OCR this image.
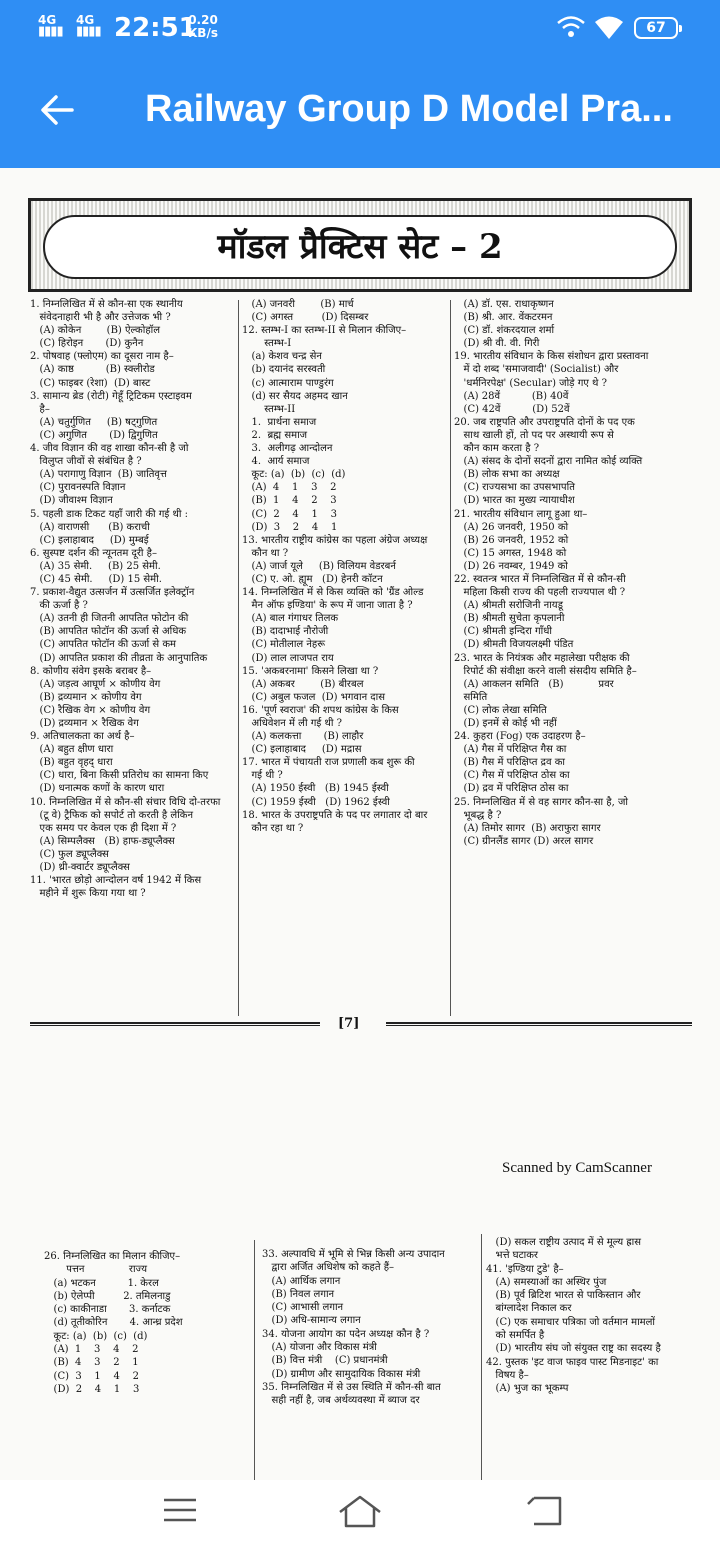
4G
▮▮▮▮
4G
▮▮▮▮ 22:51
0.20
KB/s	67
Railway Group D Model Pra...
मॉडल प्रैक्टिस सेट – 2
1. निम्नलिखित में से कौन-सा एक स्थानीय
संवेदनाहारी भी है और उत्तेजक भी ?
(A) कोकेन        (B) ऐल्कोहॉल
(C) हिरोइन       (D) कुनैन
2. पोषवाह (फ्लोएम) का दूसरा नाम है–
(A) काष्ठ          (B) स्क्लीरोड
(C) फाइबर (रेशा)  (D) बास्ट
3. सामान्य ब्रेड (रोटी) गेहूँ ट्रिटिकम एस्टाइवम
है–
(A) चतुर्गुणित     (B) षट्गुणित
(C) अगुणित       (D) द्विगुणित
4. जीव विज्ञान की वह शाखा कौन-सी है जो
विलुप्त जीवों से संबंधित है ?
(A) परागाणु विज्ञान  (B) जातिवृत्त
(C) पुरावनस्पति विज्ञान
(D) जीवाश्म विज्ञान
5. पहली डाक टिकट यहाँ जारी की गई थी :
(A) वाराणसी      (B) कराची
(C) इलाहाबाद     (D) मुम्बई
6. सुस्पष्ट दर्शन की न्यूनतम दूरी है–
(A) 35 सेमी.     (B) 25 सेमी.
(C) 45 सेमी.     (D) 15 सेमी.
7. प्रकाश-वैद्युत उत्सर्जन में उत्सर्जित इलेक्ट्रॉन
की ऊर्जा है ?
(A) उतनी ही जितनी आपतित फोटोन की
(B) आपतित फोटॉन की ऊर्जा से अधिक
(C) आपतित फोटॉन की ऊर्जा से कम
(D) आपतित प्रकाश की तीव्रता के आनुपातिक
8. कोणीय संवेग इसके बराबर है–
(A) जड़त्व आघूर्ण × कोणीय वेग
(B) द्रव्यमान × कोणीय वेग
(C) रैखिक वेग × कोणीय वेग
(D) द्रव्यमान × रैखिक वेग
9. अतिचालकता का अर्थ है–
(A) बहुत क्षीण धारा
(B) बहुत वृहद् धारा
(C) धारा, बिना किसी प्रतिरोध का सामना किए
(D) धनात्मक कणों के कारण धारा
10. निम्नलिखित में से कौन-सी संचार विधि दो-तरफा
(टू वे) ट्रैफिक को सपोर्ट तो करती है लेकिन
एक समय पर केवल एक ही दिशा में ?
(A) सिम्पलैक्स   (B) हाफ-ड्यूप्लैक्स
(C) फुल ड्यूप्लैक्स
(D) थ्री-क्वार्टर ड्यूप्लैक्स
11. 'भारत छोड़ो आन्दोलन वर्ष 1942 में किस
महीने में शुरू किया गया था ?
(A) जनवरी        (B) मार्च
(C) अगस्त         (D) दिसम्बर
12. स्तम्भ-I का स्तम्भ-II से मिलान कीजिए–
स्तम्भ-I
(a) केशव चन्द्र सेन
(b) दयानंद सरस्वती
(c) आत्माराम पाण्डुरंग
(d) सर सैयद अहमद खान
स्तम्भ-II
1.  प्रार्थना समाज
2.  ब्रह्म समाज
3.  अलीगढ़ आन्दोलन
4.  आर्य समाज
कूट: (a)  (b)  (c)  (d)
(A)  4    1    3    2
(B)  1    4    2    3
(C)  2    4    1    3
(D)  3    2    4    1
13. भारतीय राष्ट्रीय कांग्रेस का पहला अंग्रेज अध्यक्ष
कौन था ?
(A) जार्ज यूले     (B) विलियम वेडरबर्न
(C) ए. ओ. ह्यूम   (D) हेनरी कॉटन
14. निम्नलिखित में से किस व्यक्ति को 'ग्रैंड ओल्ड
मैन ऑफ इण्डिया' के रूप में जाना जाता है ?
(A) बाल गंगाधर तिलक
(B) दादाभाई नौरोजी
(C) मोतीलाल नेहरू
(D) लाल लाजपत राय
15. 'अकबरनामा' किसने लिखा था ?
(A) अकबर        (B) बीरबल
(C) अबुल फजल  (D) भगवान दास
16. 'पूर्ण स्वराज' की शपथ कांग्रेस के किस
अधिवेशन में ली गई थी ?
(A) कलकत्ता       (B) लाहौर
(C) इलाहाबाद     (D) मद्रास
17. भारत में पंचायती राज प्रणाली कब शुरू की
गई थी ?
(A) 1950 ईस्वी   (B) 1945 ईस्वी
(C) 1959 ईस्वी   (D) 1962 ईस्वी
18. भारत के उपराष्ट्रपति के पद पर लगातार दो बार
कौन रहा था ?
(A) डॉ. एस. राधाकृष्णन
(B) श्री. आर. वेंकटरमन
(C) डॉ. शंकरदयाल शर्मा
(D) श्री वी. वी. गिरी
19. भारतीय संविधान के किस संशोधन द्वारा प्रस्तावना
में दो शब्द 'समाजवादी' (Socialist) और
'धर्मनिरपेक्ष' (Secular) जोड़े गए थे ?
(A) 28वें          (B) 40वें
(C) 42वें          (D) 52वें
20. जब राष्ट्रपति और उपराष्ट्रपति दोनों के पद एक
साथ खाली हों, तो पद पर अस्थायी रूप से
कौन काम करता है ?
(A) संसद के दोनों सदनों द्वारा नामित कोई व्यक्ति
(B) लोक सभा का अध्यक्ष
(C) राज्यसभा का उपसभापति
(D) भारत का मुख्य न्यायाधीश
21. भारतीय संविधान लागू हुआ था–
(A) 26 जनवरी, 1950 को
(B) 26 जनवरी, 1952 को
(C) 15 अगस्त, 1948 को
(D) 26 नवम्बर, 1949 को
22. स्वतन्त्र भारत में निम्नलिखित में से कौन-सी
महिला किसी राज्य की पहली राज्यपाल थी ?
(A) श्रीमती सरोजिनी नायडू
(B) श्रीमती सुचेता कृपलानी
(C) श्रीमती इन्दिरा गाँधी
(D) श्रीमती विजयलक्ष्मी पंडित
23. भारत के नियंत्रक और महालेखा परीक्षक की
रिपोर्ट की संवीक्षा करने वाली संसदीय समिति है–
(A) आकलन समिति   (B)           प्रवर
समिति
(C) लोक लेखा समिति
(D) इनमें से कोई भी नहीं
24. कुहरा (Fog) एक उदाहरण है–
(A) गैस में परिक्षिप्त गैस का
(B) गैस में परिक्षिप्त द्रव का
(C) गैस में परिक्षिप्त ठोस का
(D) द्रव में परिक्षिप्त ठोस का
25. निम्नलिखित में से वह सागर कौन-सा है, जो
भूबद्ध है ?
(A) तिमोर सागर  (B) अराफुरा सागर
(C) ग्रीनलैंड सागर (D) अरल सागर
[7]
Scanned by CamScanner
26. निम्नलिखित का मिलान कीजिए–
पत्तन              राज्य
(a) भटकन          1. केरल
(b) ऐलेप्पी         2. तमिलनाडु
(c) काकीनाडा       3. कर्नाटक
(d) तूतीकोरिन       4. आन्ध्र प्रदेश
कूट: (a)  (b)  (c)  (d)
(A)  1    3    4    2
(B)  4    3    2    1
(C)  3    1    4    2
(D)  2    4    1    3
33. अल्पावधि में भूमि से भिन्न किसी अन्य उपादान
द्वारा अर्जित अधिशेष को कहते हैं–
(A) आर्थिक लगान
(B) निवल लगान
(C) आभासी लगान
(D) अधि-सामान्य लगान
34. योजना आयोग का पदेन अध्यक्ष कौन है ?
(A) योजना और विकास मंत्री
(B) वित्त मंत्री    (C) प्रधानमंत्री
(D) ग्रामीण और सामुदायिक विकास मंत्री
35. निम्नलिखित में से उस स्थिति में कौन-सी बात
सही नहीं है, जब अर्थव्यवस्था में ब्याज दर
(D) सकल राष्ट्रीय उत्पाद में से मूल्य ह्रास
भत्ते घटाकर
41. 'इण्डिया टुडे' है–
(A) समस्याओं का अस्थिर पुंज
(B) पूर्व ब्रिटिश भारत से पाकिस्तान और
बांग्लादेश निकाल कर
(C) एक समाचार पत्रिका जो वर्तमान मामलों
को समर्पित है
(D) भारतीय संघ जो संयुक्त राष्ट्र का सदस्य है
42. पुस्तक 'इट वाज फाइव पास्ट मिडनाइट' का
विषय है–
(A) भुज का भूकम्प
